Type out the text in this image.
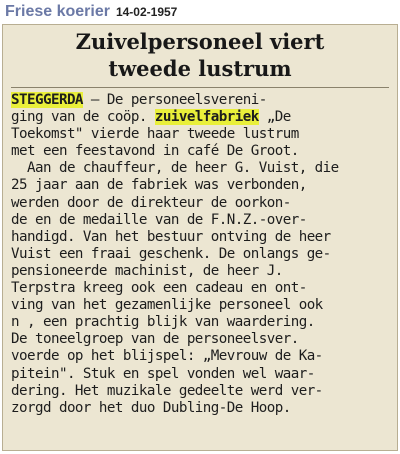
Friese koerier 14-02-1957
Zuivelpersoneel viert
tweede lustrum
STEGGERDA — De personeelsvereni-
ging van de coöp. zuivelfabriek „De
Toekomst" vierde haar tweede lustrum
met een feestavond in café De Groot.
Aan de chauffeur, de heer G. Vuist, die
25 jaar aan de fabriek was verbonden,
werden door de direkteur de oorkon-
de en de medaille van de F.N.Z.-over-
handigd. Van het bestuur ontving de heer
Vuist een fraai geschenk. De onlangs ge-
pensioneerde machinist, de heer J.
Terpstra kreeg ook een cadeau en ont-
ving van het gezamenlijke personeel ook
n , een prachtig blijk van waardering.
De toneelgroep van de personeelsver.
voerde op het blijspel: „Mevrouw de Ka-
pitein". Stuk en spel vonden wel waar-
dering. Het muzikale gedeelte werd ver-
zorgd door het duo Dubling-De Hoop.
